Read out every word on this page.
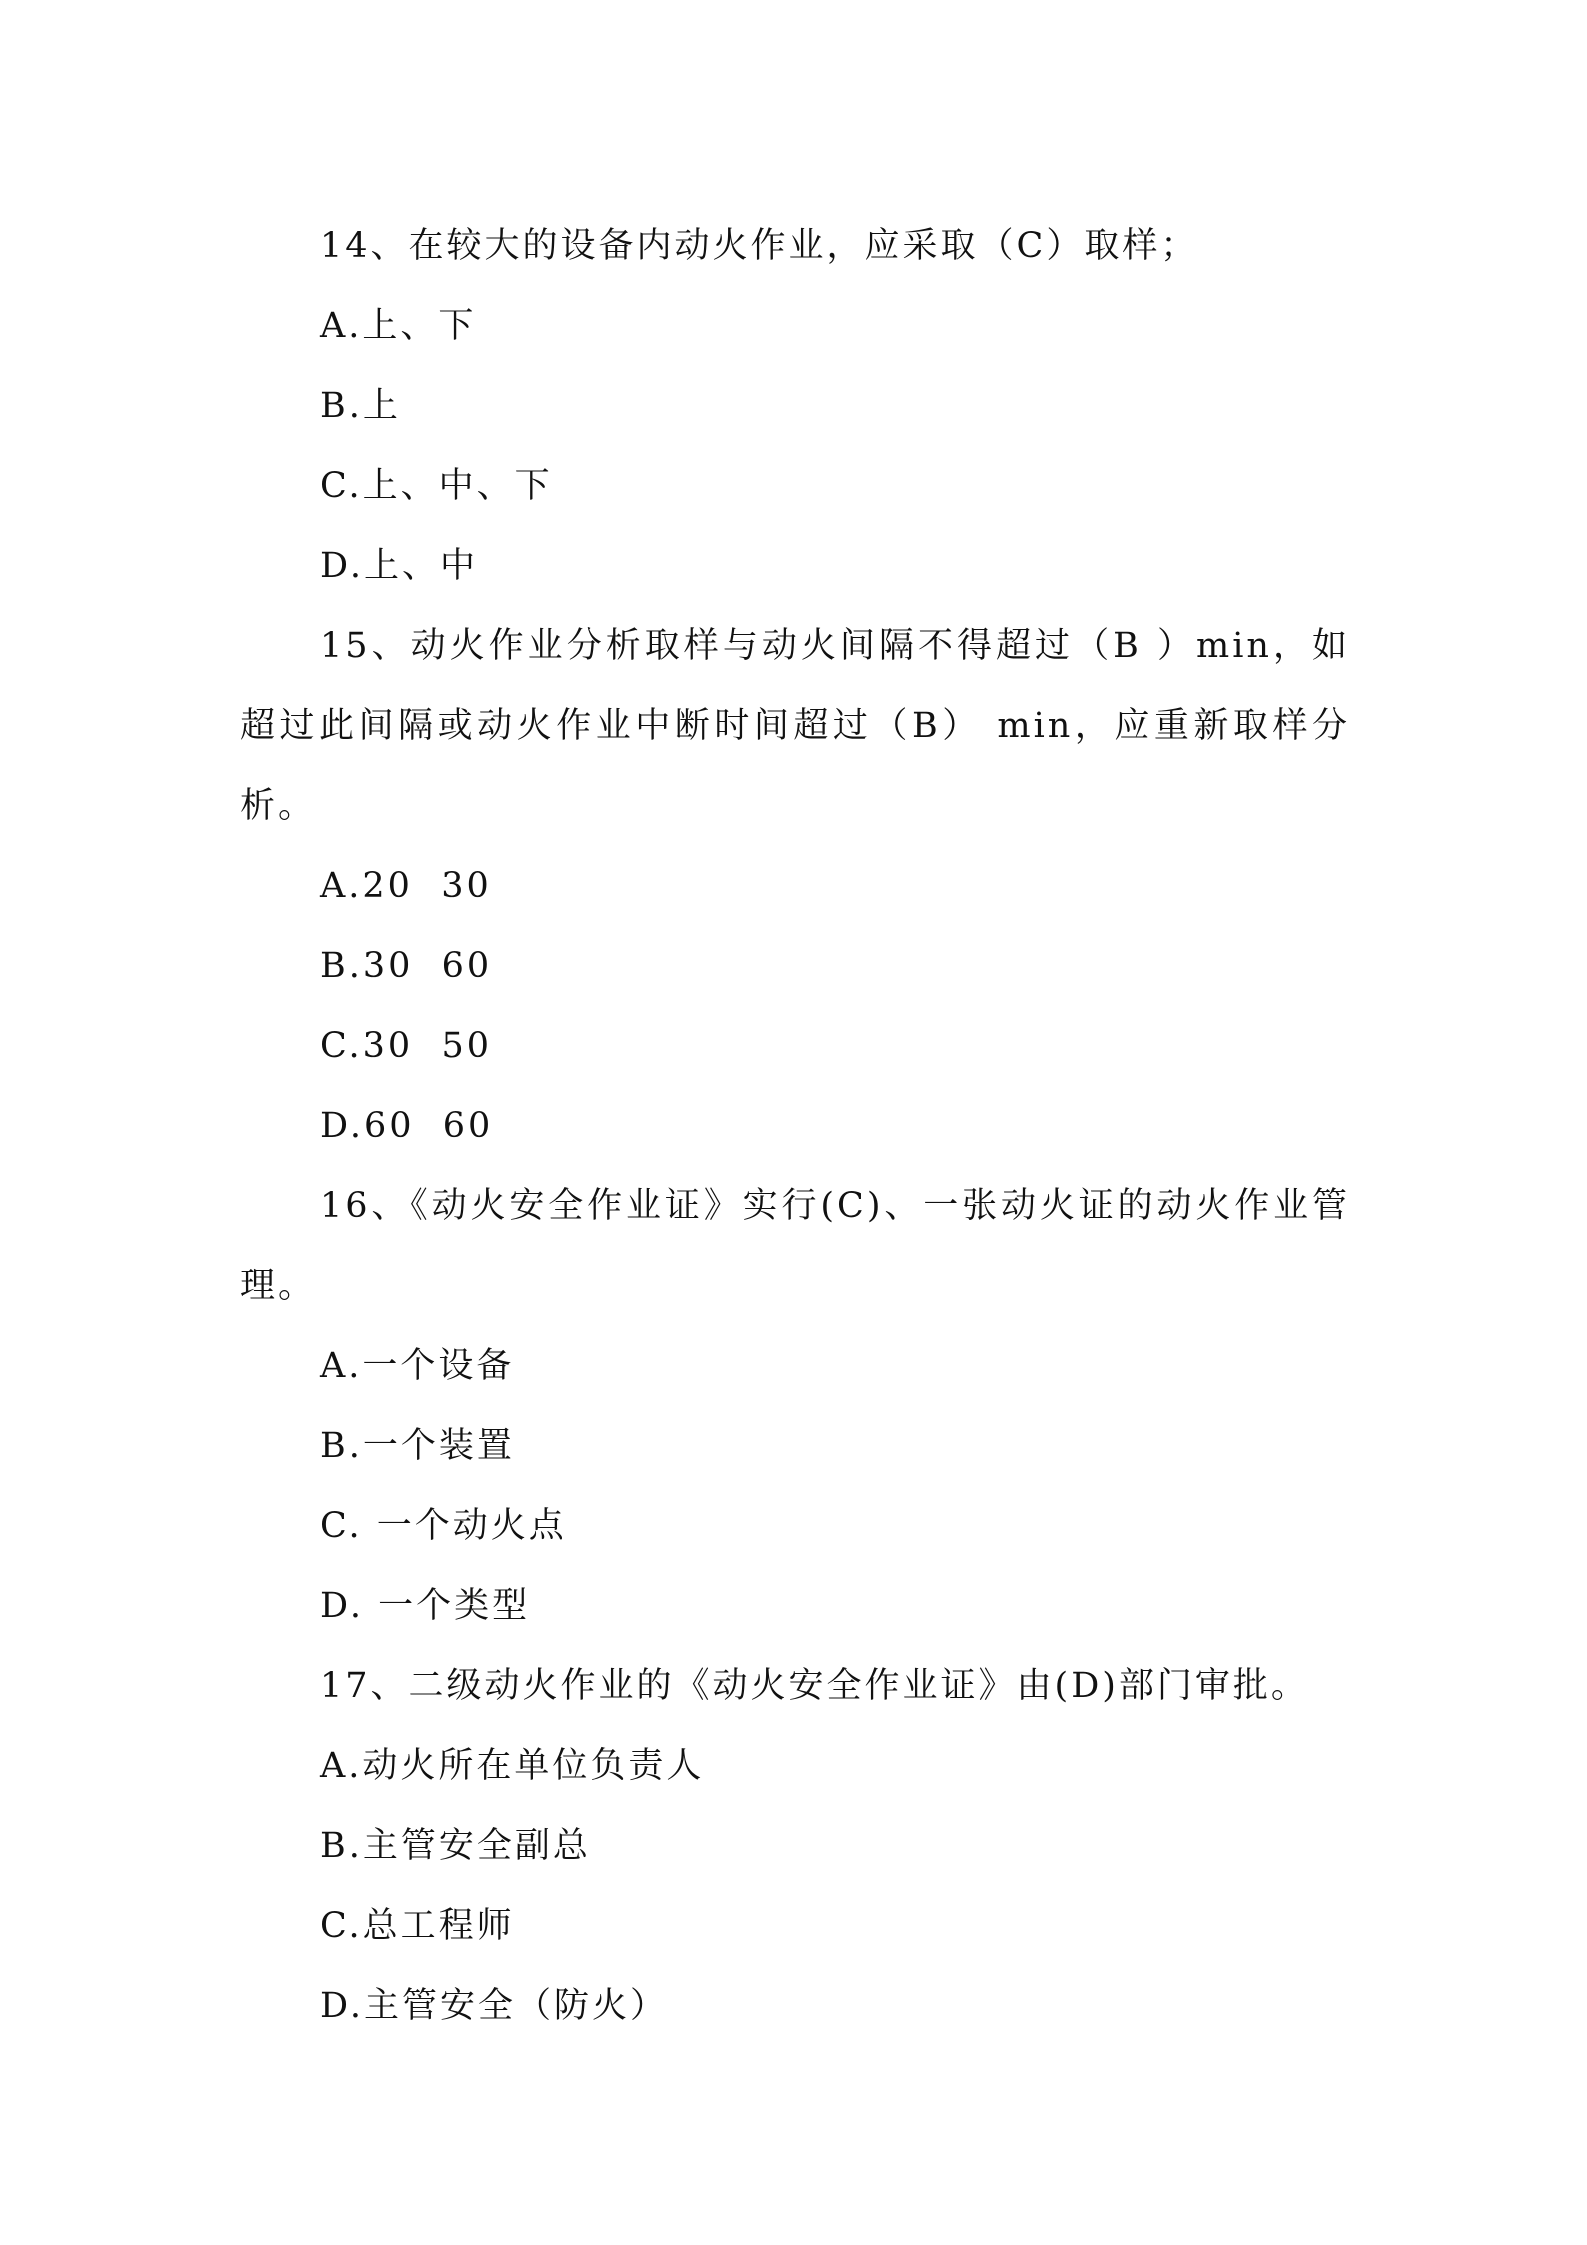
14、在较大的设备内动火作业，应采取（C）取样；
A.上、下
B.上
C.上、中、下
D.上、中
15、动火作业分析取样与动火间隔不得超过（B ）min，如超过此间隔或动火作业中断时间超过（B） min，应重新取样分析。
A.20  30
B.30  60
C.30  50
D.60  60
16、《动火安全作业证》实行(C)、一张动火证的动火作业管理。
A.一个设备
B.一个装置
C. 一个动火点
D. 一个类型
17、二级动火作业的《动火安全作业证》由(D)部门审批。
A.动火所在单位负责人
B.主管安全副总
C.总工程师
D.主管安全（防火）
